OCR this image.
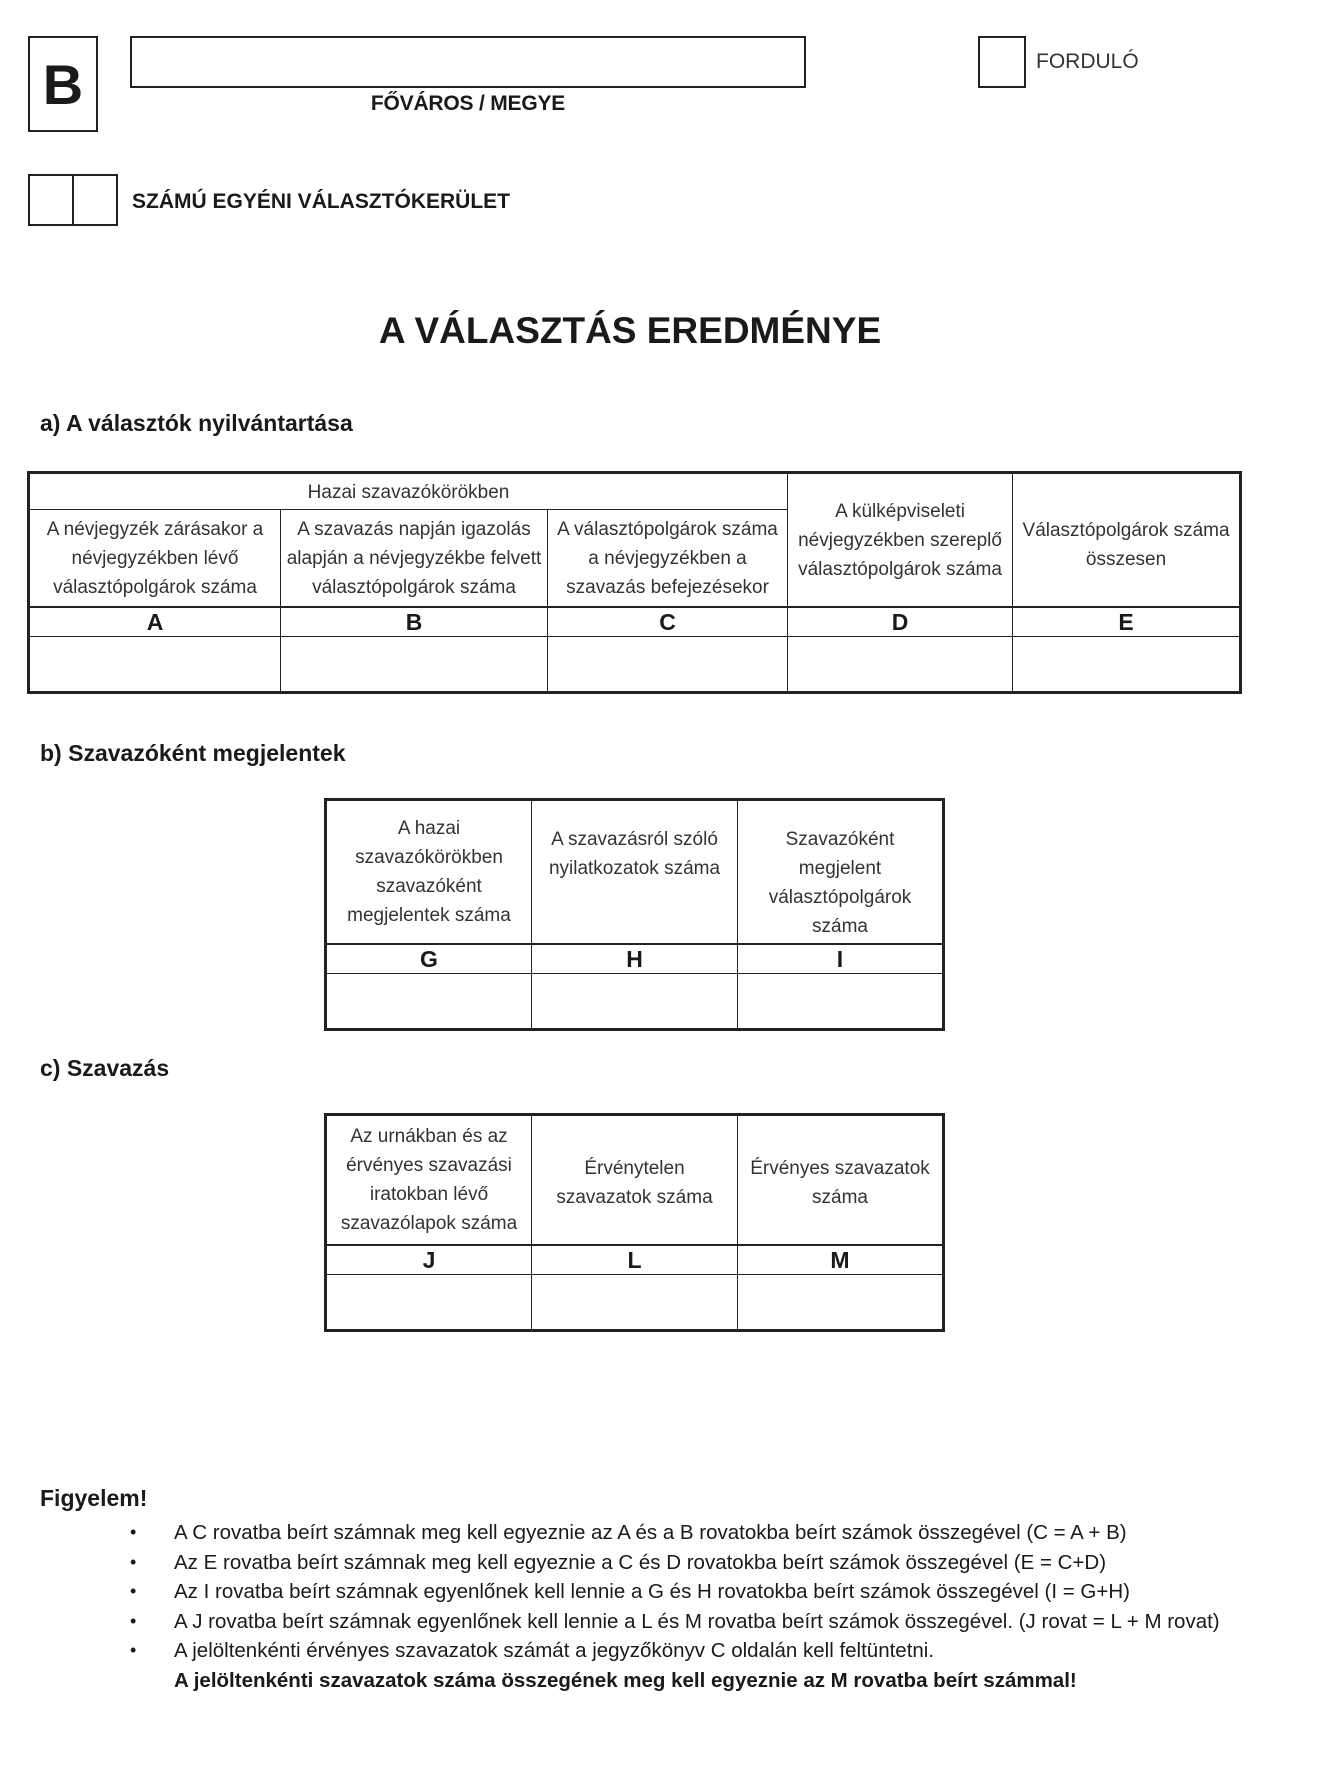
B	FŐVÁROS / MEGYE
FORDULÓ
SZÁMÚ EGYÉNI VÁLASZTÓKERÜLET
A VÁLASZTÁS EREDMÉNYE
a) A választók nyilvántartása
Hazai szavazókörökben			A külképviseleti névjegyzékben szereplő választópolgárok száma	Választópolgárok száma összesen
A névjegyzék zárásakor a névjegyzékben lévő választópolgárok száma	A szavazás napján igazolás alapján a névjegyzékbe felvett választópolgárok száma	A választópolgárok száma a névjegyzékben a szavazás befejezésekor		
A	B	C	D	E

b) Szavazóként megjelentek
A hazai szavazókörökben szavazóként megjelentek száma	A szavazásról szóló nyilatkozatok száma	Szavazóként megjelent választópolgárok száma
G	H	I

c) Szavazás
Az urnákban és az érvényes szavazási iratokban lévő szavazólapok száma	Érvénytelen szavazatok száma	Érvényes szavazatok száma
J	L	M

Figyelem!
• A C rovatba beírt számnak meg kell egyeznie az A és a B rovatokba beírt számok összegével (C = A + B)
• Az E rovatba beírt számnak meg kell egyeznie a C és D rovatokba beírt számok összegével (E = C+D)
• Az I rovatba beírt számnak egyenlőnek kell lennie a G és H rovatokba beírt számok összegével (I = G+H)
• A J rovatba beírt számnak egyenlőnek kell lennie a L és M rovatba beírt számok összegével. (J rovat = L + M rovat)
• A jelöltenkénti érvényes szavazatok számát a jegyzőkönyv C oldalán kell feltüntetni.
A jelöltenkénti szavazatok száma összegének meg kell egyeznie az M rovatba beírt számmal!
